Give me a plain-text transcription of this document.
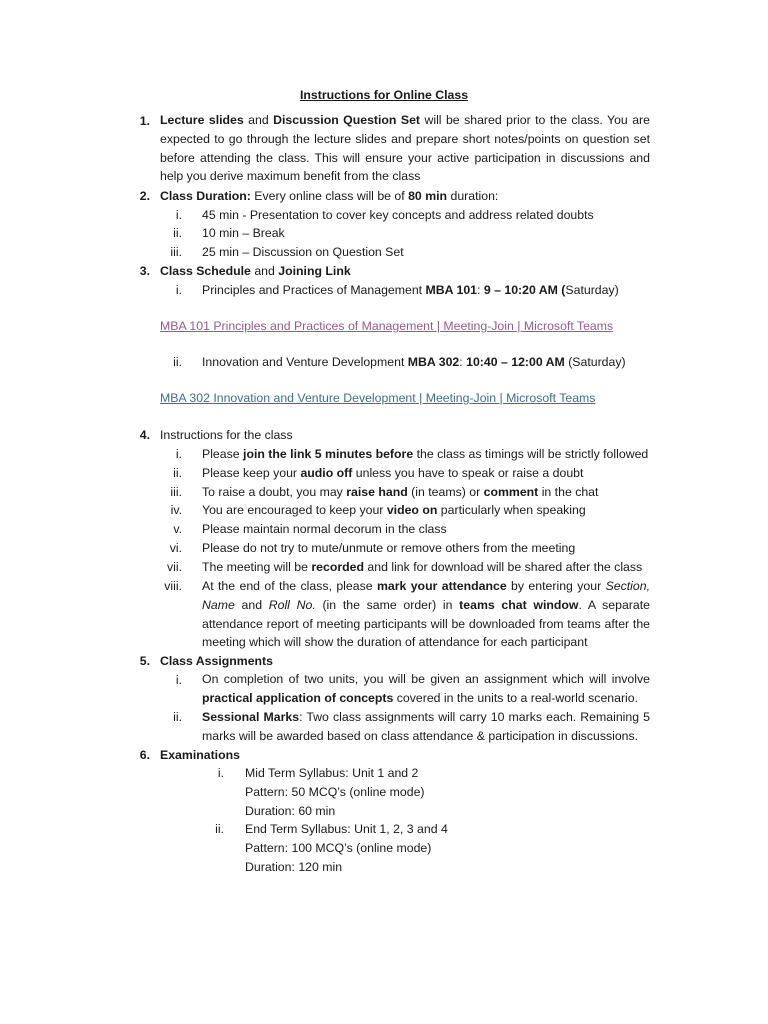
Instructions for Online Class
1. Lecture slides and Discussion Question Set will be shared prior to the class. You are expected to go through the lecture slides and prepare short notes/points on question set before attending the class. This will ensure your active participation in discussions and help you derive maximum benefit from the class
2. Class Duration: Every online class will be of 80 min duration:
i. 45 min - Presentation to cover key concepts and address related doubts
ii. 10 min – Break
iii. 25 min – Discussion on Question Set
3. Class Schedule and Joining Link
i. Principles and Practices of Management MBA 101: 9 – 10:20 AM (Saturday)
MBA 101 Principles and Practices of Management | Meeting-Join | Microsoft Teams
ii. Innovation and Venture Development MBA 302: 10:40 – 12:00 AM (Saturday)
MBA 302 Innovation and Venture Development | Meeting-Join | Microsoft Teams
4. Instructions for the class
i. Please join the link 5 minutes before the class as timings will be strictly followed
ii. Please keep your audio off unless you have to speak or raise a doubt
iii. To raise a doubt, you may raise hand (in teams) or comment in the chat
iv. You are encouraged to keep your video on particularly when speaking
v. Please maintain normal decorum in the class
vi. Please do not try to mute/unmute or remove others from the meeting
vii. The meeting will be recorded and link for download will be shared after the class
viii. At the end of the class, please mark your attendance by entering your Section, Name and Roll No. (in the same order) in teams chat window. A separate attendance report of meeting participants will be downloaded from teams after the meeting which will show the duration of attendance for each participant
5. Class Assignments
i. On completion of two units, you will be given an assignment which will involve practical application of concepts covered in the units to a real-world scenario.
ii. Sessional Marks: Two class assignments will carry 10 marks each. Remaining 5 marks will be awarded based on class attendance & participation in discussions.
6. Examinations
i. Mid Term Syllabus: Unit 1 and 2
Pattern: 50 MCQ’s (online mode)
Duration: 60 min
ii. End Term Syllabus: Unit 1, 2, 3 and 4
Pattern: 100 MCQ’s (online mode)
Duration: 120 min
